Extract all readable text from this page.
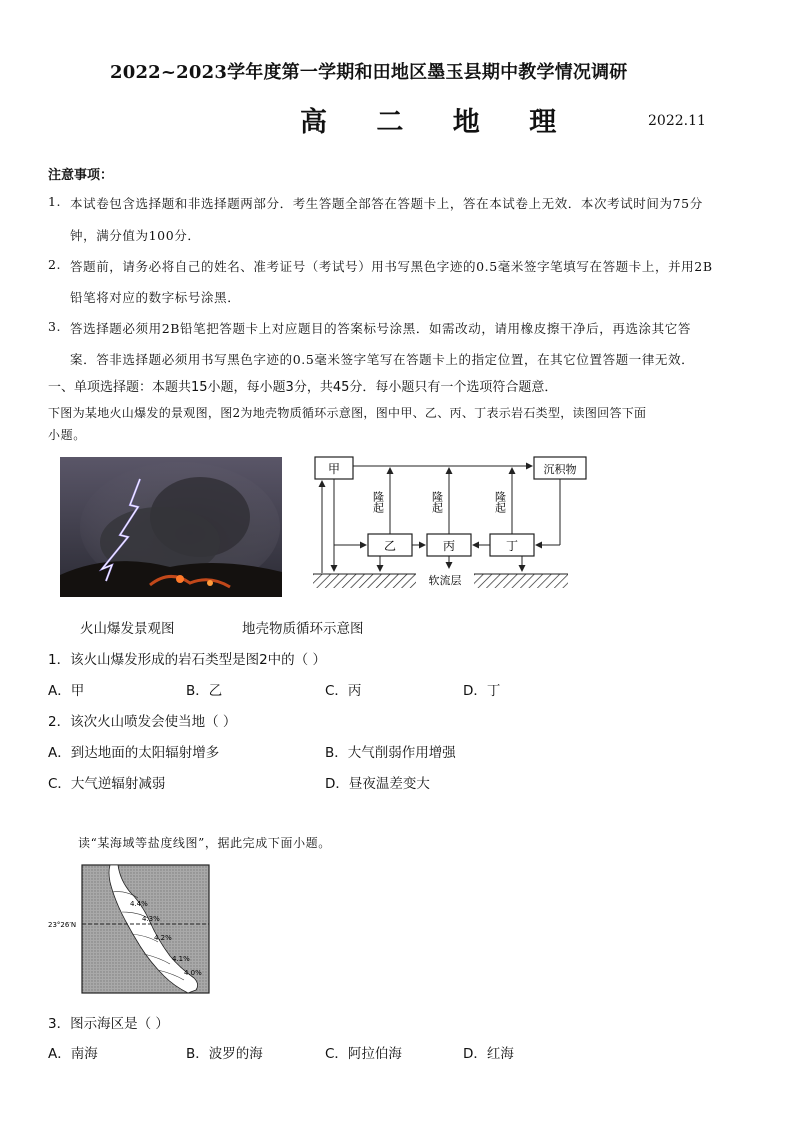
2022~2023学年度第一学期和田地区墨玉县期中教学情况调研
高 二 地 理	2022.11
注意事项：
1. 本试卷包含选择题和非选择题两部分．考生答题全部答在答题卡上，答在本试卷上无效．本次考试时间为75分
钟，满分值为100分．
2. 答题前，请务必将自己的姓名、准考证号（考试号）用书写黑色字迹的0.5毫米签字笔填写在答题卡上，并用2B
铅笔将对应的数字标号涂黑．
3. 答选择题必须用2B铅笔把答题卡上对应题目的答案标号涂黑．如需改动，请用橡皮擦干净后，再选涂其它答
案．答非选择题必须用书写黑色字迹的0.5毫米签字笔写在答题卡上的指定位置，在其它位置答题一律无效．
一、单项选择题：本题共15小题，每小题3分，共45分．每小题只有一个选项符合题意．
下图为某地火山爆发的景观图，图2为地壳物质循环示意图，图中甲、乙、丙、丁表示岩石类型，读图回答下面
小题。
软流层
甲	沉积物
乙	丙	丁
隆起	隆起	隆起
火山爆发景观图	地壳物质循环示意图
1．该火山爆发形成的岩石类型是图2中的（ ）
A．甲	B．乙	C．丙	D．丁
2．该次火山喷发会使当地（ ）
A．到达地面的太阳辐射增多	B．大气削弱作用增强
C．大气逆辐射减弱	D．昼夜温差变大
读“某海域等盐度线图”，据此完成下面小题。
4.4%
4.3%
4.2%
4.1%
4.0%
23°26′N
3．图示海区是（ ）
A．南海	B．波罗的海	C．阿拉伯海	D．红海
